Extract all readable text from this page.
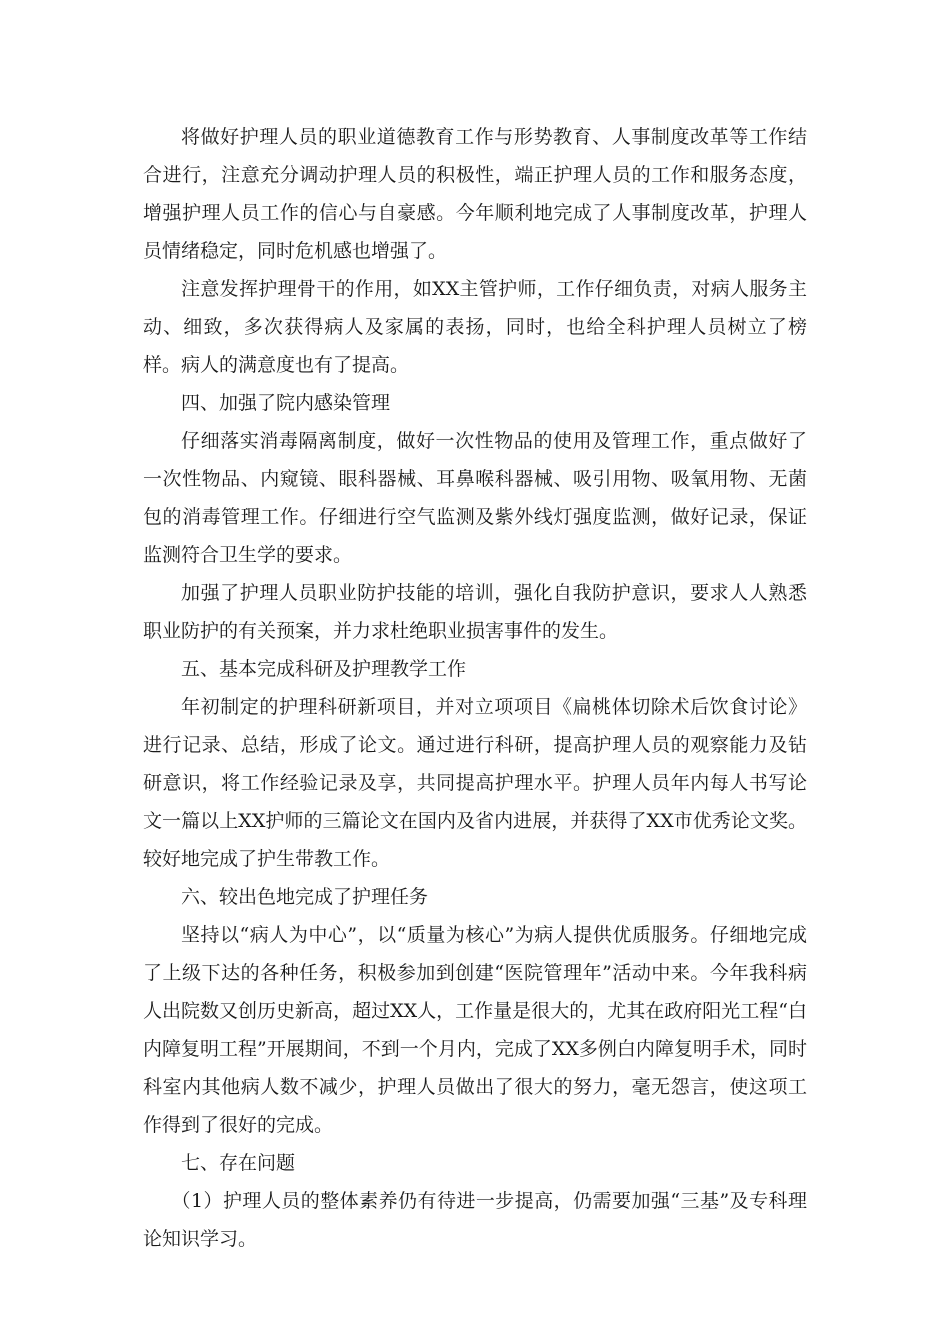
将做好护理人员的职业道德教育工作与形势教育、人事制度改革等工作结合进行，注意充分调动护理人员的积极性，端正护理人员的工作和服务态度，增强护理人员工作的信心与自豪感。今年顺利地完成了人事制度改革，护理人员情绪稳定，同时危机感也增强了。

注意发挥护理骨干的作用，如XX主管护师，工作仔细负责，对病人服务主动、细致，多次获得病人及家属的表扬，同时，也给全科护理人员树立了榜样。病人的满意度也有了提高。

四、加强了院内感染管理

仔细落实消毒隔离制度，做好一次性物品的使用及管理工作，重点做好了一次性物品、内窥镜、眼科器械、耳鼻喉科器械、吸引用物、吸氧用物、无菌包的消毒管理工作。仔细进行空气监测及紫外线灯强度监测，做好记录，保证监测符合卫生学的要求。

加强了护理人员职业防护技能的培训，强化自我防护意识，要求人人熟悉职业防护的有关预案，并力求杜绝职业损害事件的发生。

五、基本完成科研及护理教学工作

年初制定的护理科研新项目，并对立项项目《扁桃体切除术后饮食讨论》进行记录、总结，形成了论文。通过进行科研，提高护理人员的观察能力及钻研意识，将工作经验记录及享，共同提高护理水平。护理人员年内每人书写论文一篇以上XX护师的三篇论文在国内及省内进展，并获得了XX市优秀论文奖。较好地完成了护生带教工作。

六、较出色地完成了护理任务

坚持以“病人为中心”，以“质量为核心”为病人提供优质服务。仔细地完成了上级下达的各种任务，积极参加到创建“医院管理年”活动中来。今年我科病人出院数又创历史新高，超过XX人，工作量是很大的，尤其在政府阳光工程“白内障复明工程”开展期间，不到一个月内，完成了XX多例白内障复明手术，同时科室内其他病人数不减少，护理人员做出了很大的努力，毫无怨言，使这项工作得到了很好的完成。

七、存在问题

（1）护理人员的整体素养仍有待进一步提高，仍需要加强“三基”及专科理论知识学习。
